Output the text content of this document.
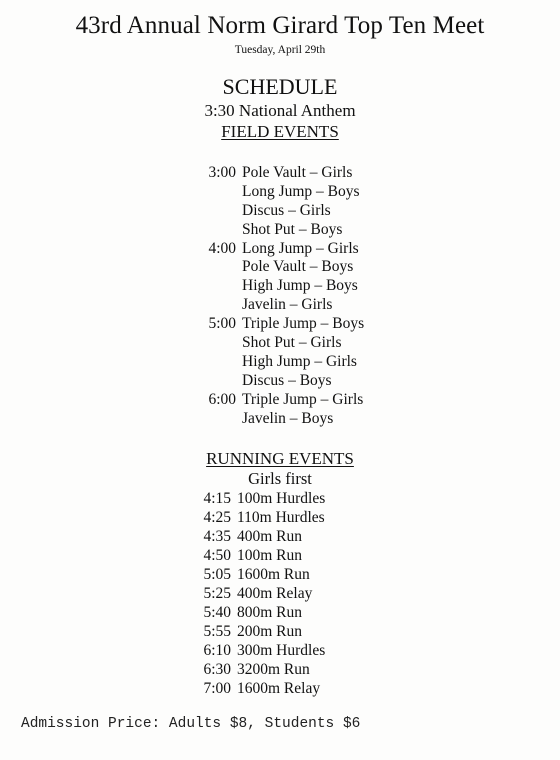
43rd Annual Norm Girard Top Ten Meet
Tuesday, April 29th
SCHEDULE
3:30 National Anthem
FIELD EVENTS
3:00 Pole Vault – Girls
Long Jump – Boys
Discus – Girls
Shot Put – Boys
4:00 Long Jump – Girls
Pole Vault – Boys
High Jump – Boys
Javelin – Girls
5:00 Triple Jump – Boys
Shot Put – Girls
High Jump – Girls
Discus – Boys
6:00 Triple Jump – Girls
Javelin – Boys
RUNNING EVENTS
Girls first
4:15 100m Hurdles
4:25 110m Hurdles
4:35 400m Run
4:50 100m Run
5:05 1600m Run
5:25 400m Relay
5:40 800m Run
5:55 200m Run
6:10 300m Hurdles
6:30 3200m Run
7:00 1600m Relay
Admission Price: Adults $8, Students $6
